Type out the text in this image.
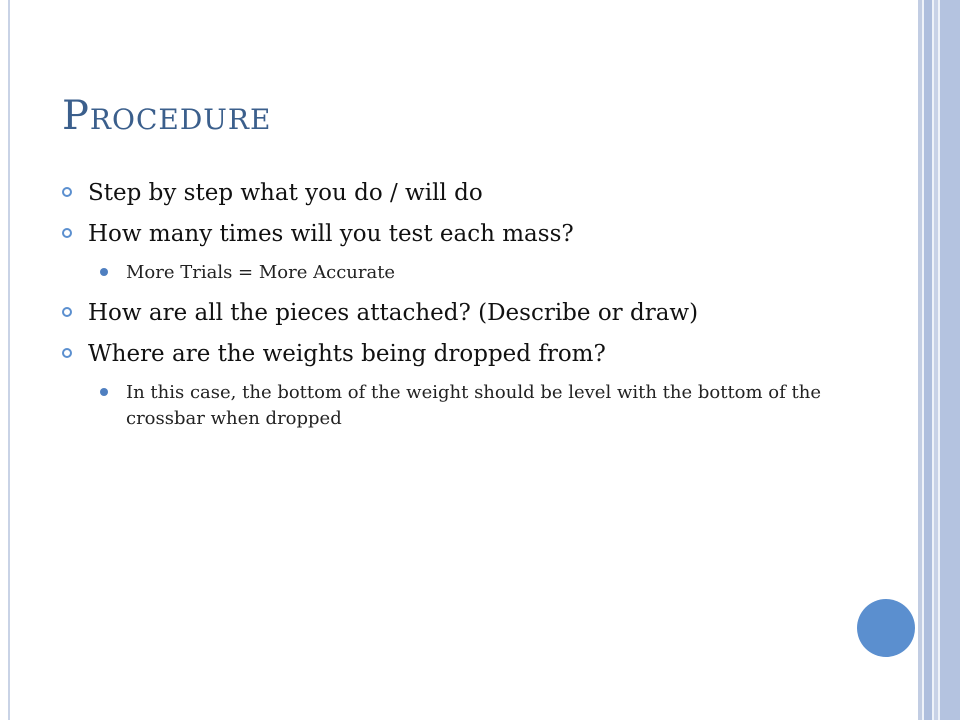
Procedure
Step by step what you do / will do
How many times will you test each mass?
More Trials = More Accurate
How are all the pieces attached? (Describe or draw)
Where are the weights being dropped from?
In this case, the bottom of the weight should be level with the bottom of the crossbar when dropped
